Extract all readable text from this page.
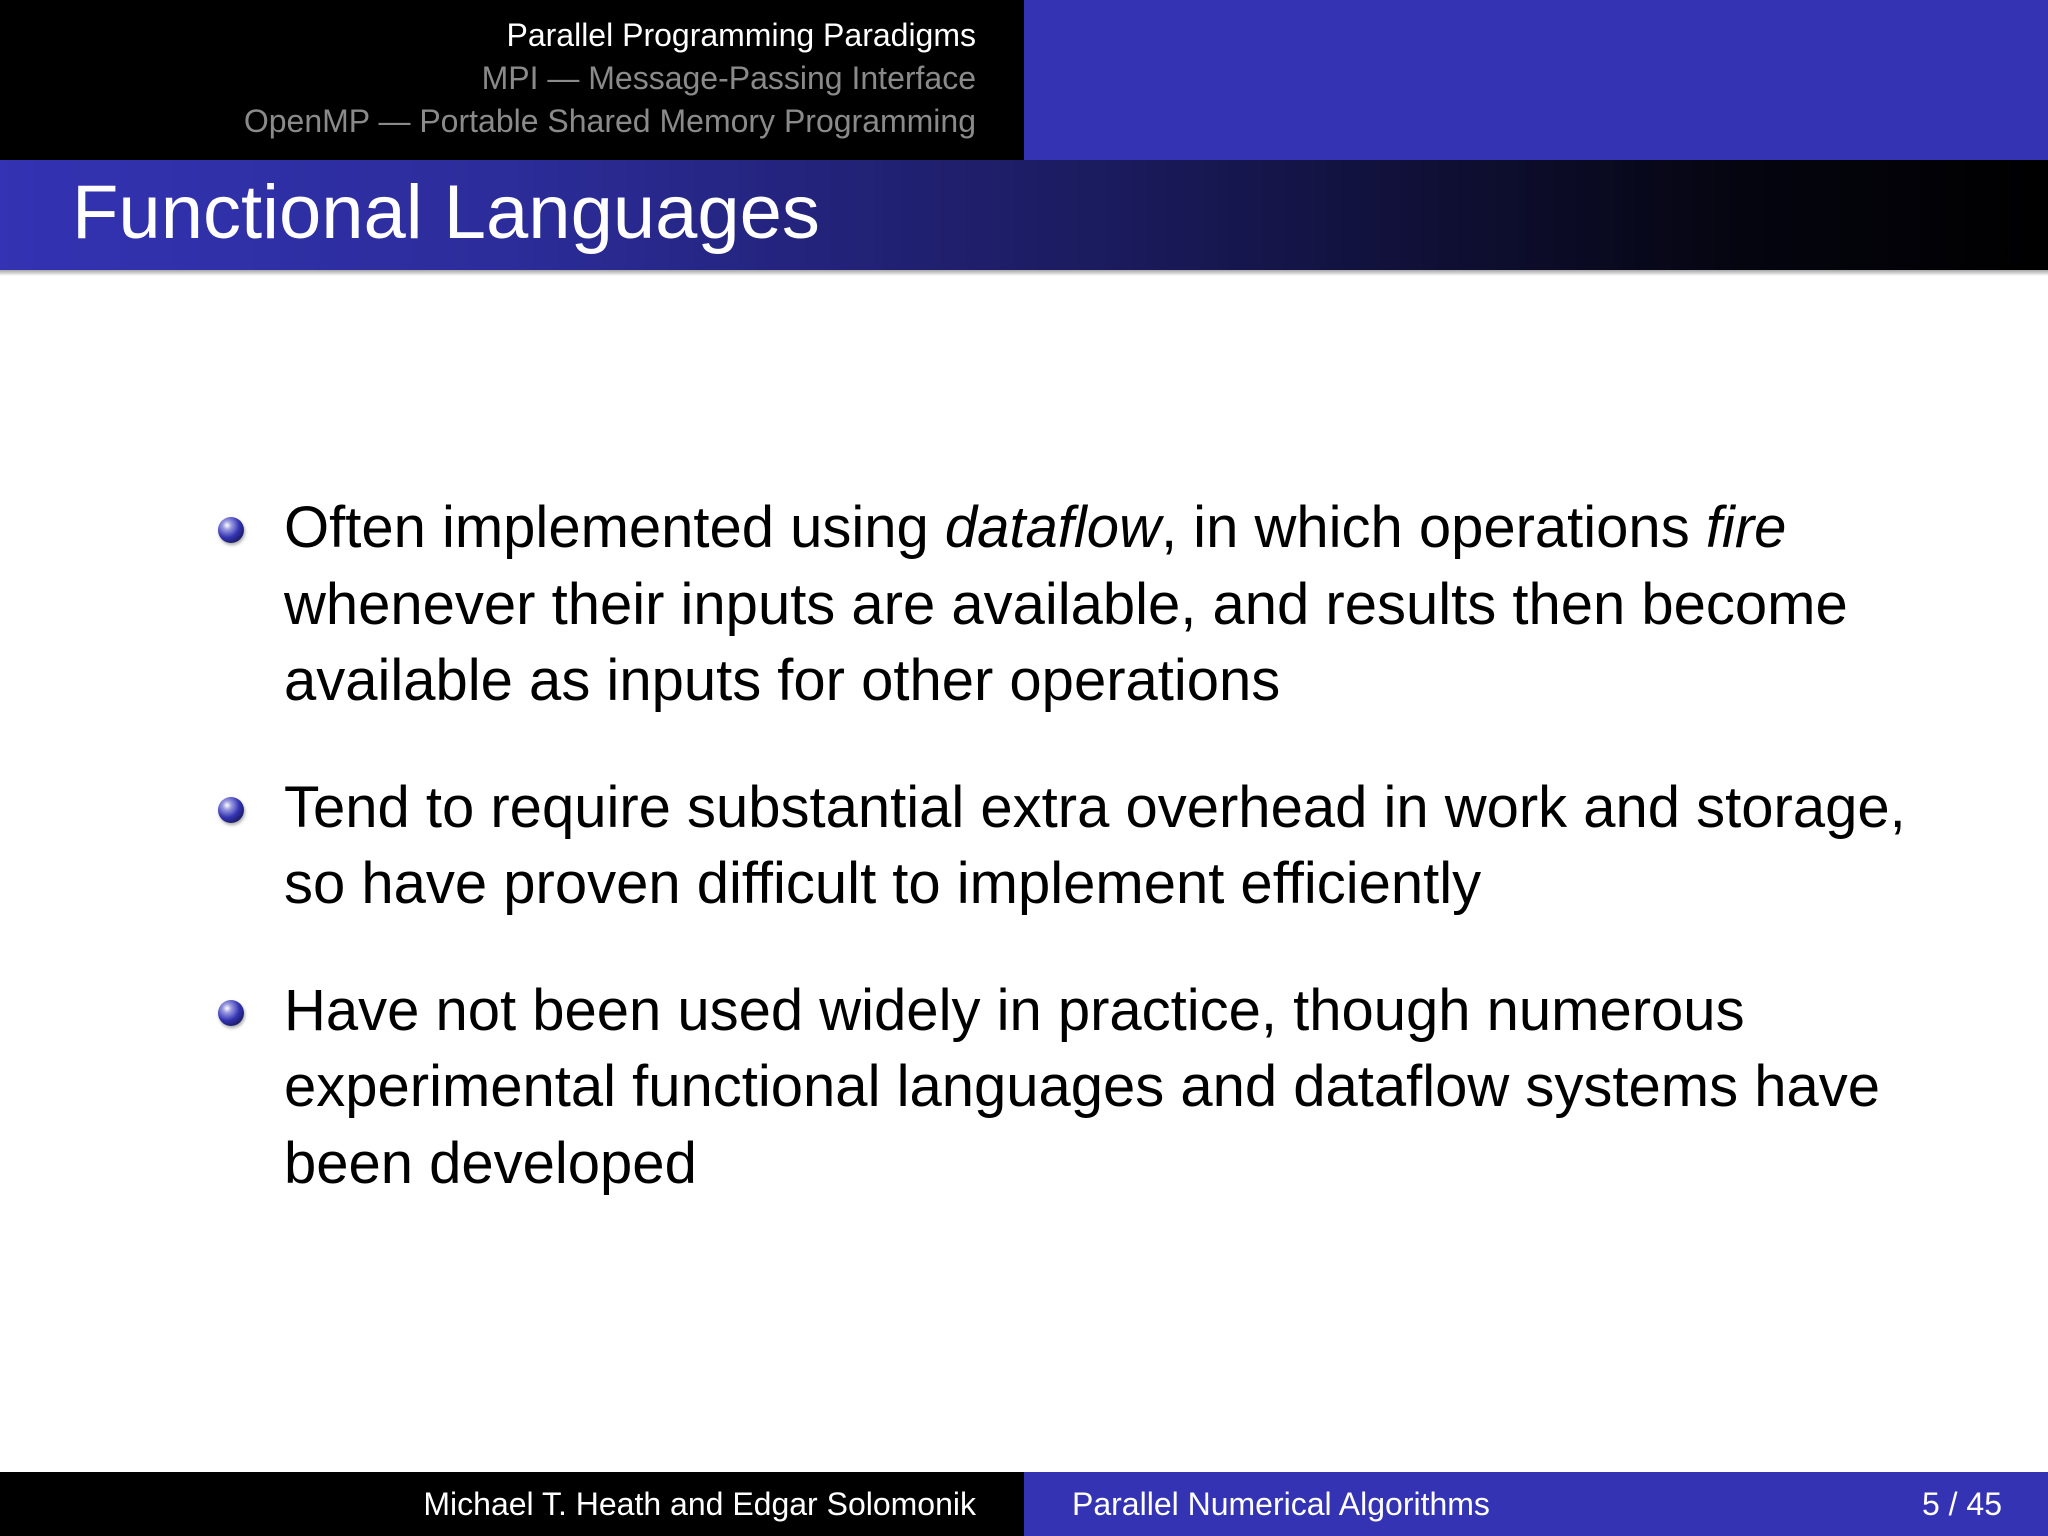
Parallel Programming Paradigms
MPI — Message-Passing Interface
OpenMP — Portable Shared Memory Programming
Functional Languages
Often implemented using dataflow, in which operations fire whenever their inputs are available, and results then become available as inputs for other operations
Tend to require substantial extra overhead in work and storage, so have proven difficult to implement efficiently
Have not been used widely in practice, though numerous experimental functional languages and dataflow systems have been developed
Michael T. Heath and Edgar Solomonik	Parallel Numerical Algorithms	5 / 45
